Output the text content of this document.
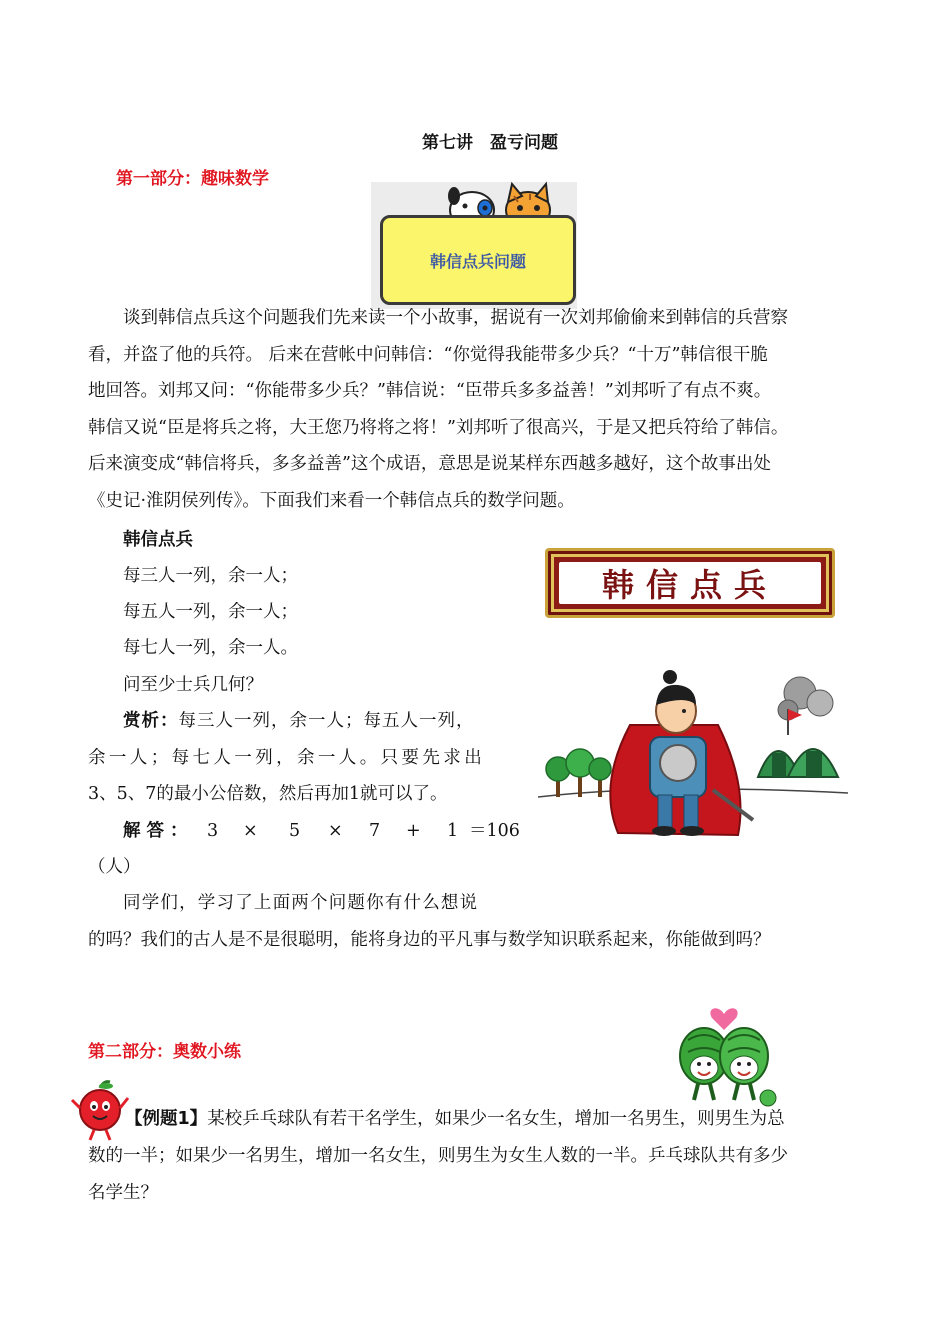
第七讲　盈亏问题
第一部分：趣味数学
韩信点兵问题

谈到韩信点兵这个问题我们先来读一个小故事，据说有一次刘邦偷偷来到韩信的兵营察

看，并盗了他的兵符。 后来在营帐中问韩信：“你觉得我能带多少兵？“十万”韩信很干脆

地回答。刘邦又问：“你能带多少兵？”韩信说：“臣带兵多多益善！”刘邦听了有点不爽。

韩信又说“臣是将兵之将，大王您乃将将之将！”刘邦听了很高兴，于是又把兵符给了韩信。

后来演变成“韩信将兵，多多益善”这个成语，意思是说某样东西越多越好，这个故事出处

《史记·淮阴侯列传》。下面我们来看一个韩信点兵的数学问题。

韩信点兵
每三人一列，余一人；
每五人一列，余一人；
每七人一列，余一人。
问至少士兵几何？
韩信点兵
赏析：每三人一列，余一人；每五人一列，
余一人；每七人一列，余一人。只要先求出
3、5、7的最小公倍数，然后再加1就可以了。
解答： 3 × 5 × 7 + 1 ＝106
（人）
同学们，学习了上面两个问题你有什么想说
的吗？我们的古人是不是很聪明，能将身边的平凡事与数学知识联系起来，你能做到吗？
第二部分：奥数小练
【例题1】某校乒乓球队有若干名学生，如果少一名女生，增加一名男生，则男生为总
数的一半；如果少一名男生，增加一名女生，则男生为女生人数的一半。乒乓球队共有多少
名学生？
